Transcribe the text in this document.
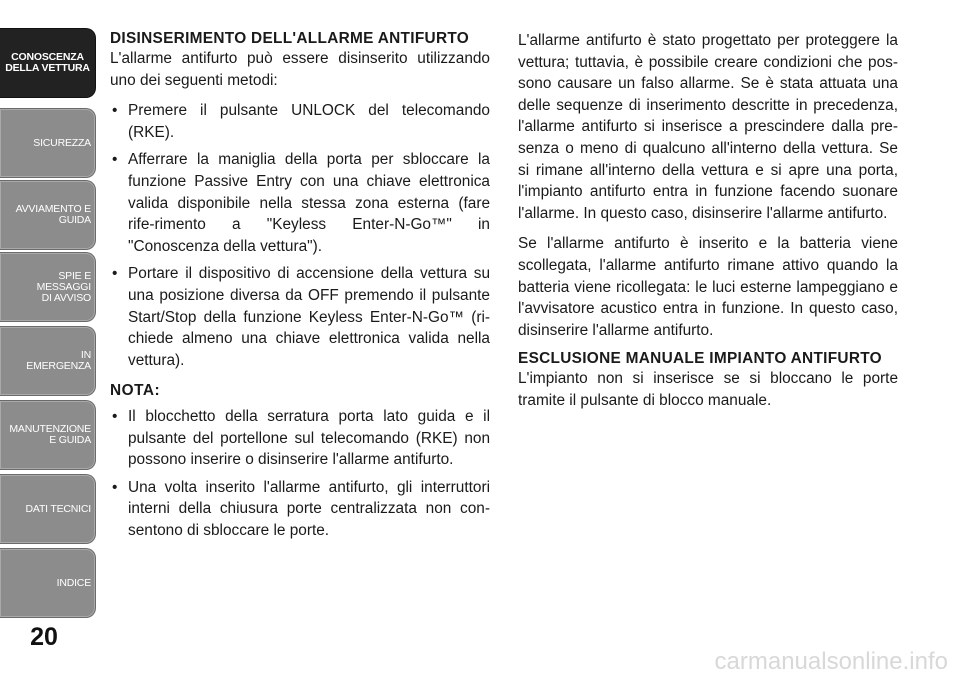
CONOSCENZA
DELLA VETTURA
SICUREZZA
AVVIAMENTO E
GUIDA
SPIE E
MESSAGGI
DI AVVISO
IN
EMERGENZA
MANUTENZIONE
E GUIDA
DATI TECNICI
INDICE
20
DISINSERIMENTO DELL'ALLARME ANTIFURTO

L'allarme antifurto può essere disinserito utilizzando uno dei seguenti metodi:

• Premere il pulsante UNLOCK del telecomando (RKE).
• Afferrare la maniglia della porta per sbloccare la funzione Passive Entry con una chiave elettronica valida disponibile nella stessa zona esterna (fare rife-rimento a "Keyless Enter-N-Go™" in "Conoscenza della vettura").
• Portare il dispositivo di accensione della vettura su una posizione diversa da OFF premendo il pulsante Start/Stop della funzione Keyless Enter-N-Go™ (ri-chiede almeno una chiave elettronica valida nella vettura).
NOTA:
• Il blocchetto della serratura porta lato guida e il pulsante del portellone sul telecomando (RKE) non possono inserire o disinserire l'allarme antifurto.
• Una volta inserito l'allarme antifurto, gli interruttori interni della chiusura porte centralizzata non con-sentono di sbloccare le porte.

L'allarme antifurto è stato progettato per proteggere la vettura; tuttavia, è possibile creare condizioni che pos-sono causare un falso allarme. Se è stata attuata una delle sequenze di inserimento descritte in precedenza, l'allarme antifurto si inserisce a prescindere dalla pre-senza o meno di qualcuno all'interno della vettura. Se si rimane all'interno della vettura e si apre una porta, l'impianto antifurto entra in funzione facendo suonare l'allarme. In questo caso, disinserire l'allarme antifurto.

Se l'allarme antifurto è inserito e la batteria viene scollegata, l'allarme antifurto rimane attivo quando la batteria viene ricollegata: le luci esterne lampeggiano e l'avvisatore acustico entra in funzione. In questo caso, disinserire l'allarme antifurto.

ESCLUSIONE MANUALE IMPIANTO ANTIFURTO

L'impianto non si inserisce se si bloccano le porte tramite il pulsante di blocco manuale.

carmanualsonline.info
